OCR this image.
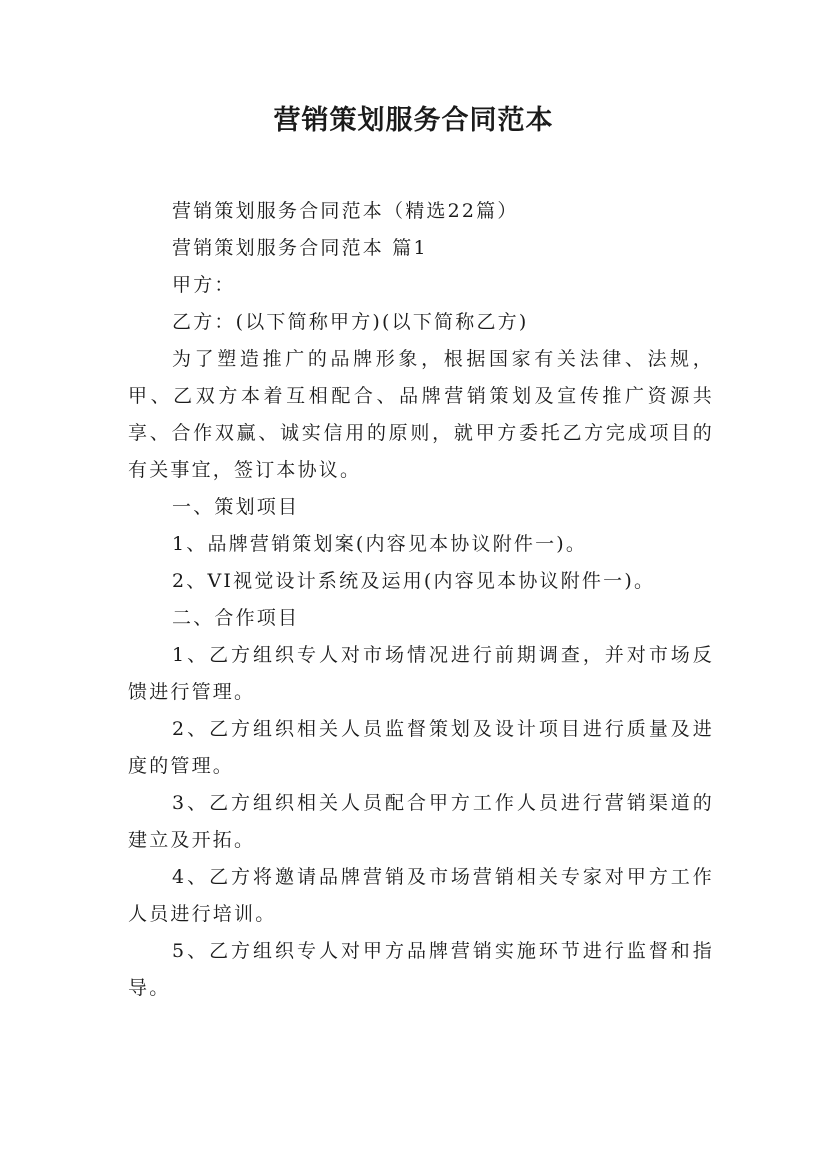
营销策划服务合同范本

营销策划服务合同范本（精选22篇）

营销策划服务合同范本 篇1

甲方：

乙方：(以下简称甲方)(以下简称乙方)

为了塑造推广的品牌形象，根据国家有关法律、法规，甲、乙双方本着互相配合、品牌营销策划及宣传推广资源共享、合作双赢、诚实信用的原则，就甲方委托乙方完成项目的有关事宜，签订本协议。

一、策划项目

1、品牌营销策划案(内容见本协议附件一)。

2、VI视觉设计系统及运用(内容见本协议附件一)。

二、合作项目

1、乙方组织专人对市场情况进行前期调查，并对市场反馈进行管理。

2、乙方组织相关人员监督策划及设计项目进行质量及进度的管理。

3、乙方组织相关人员配合甲方工作人员进行营销渠道的建立及开拓。

4、乙方将邀请品牌营销及市场营销相关专家对甲方工作人员进行培训。

5、乙方组织专人对甲方品牌营销实施环节进行监督和指导。
